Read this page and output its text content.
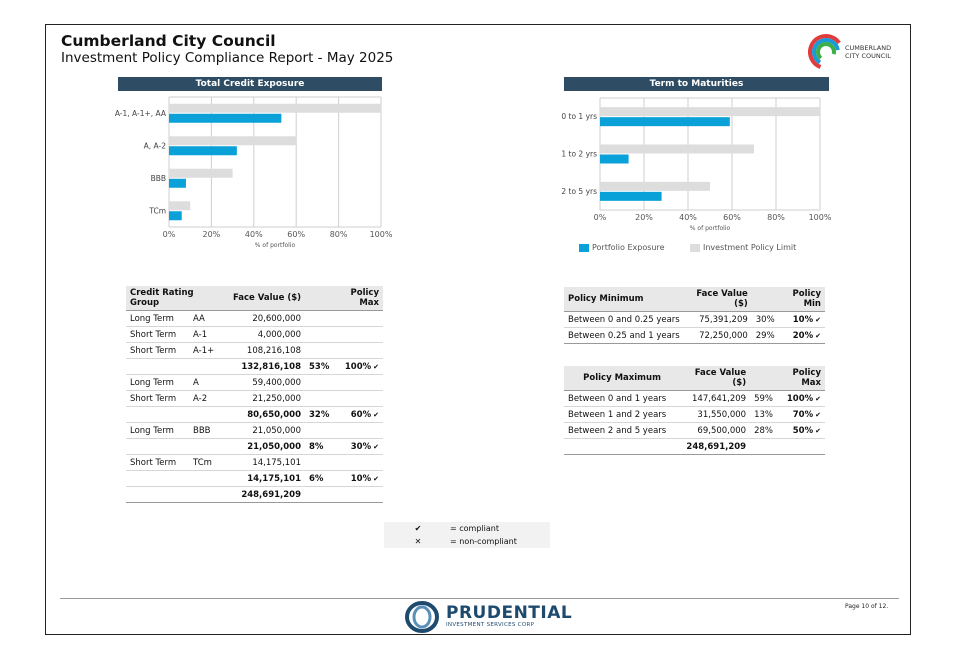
Cumberland City Council
Investment Policy Compliance Report - May 2025
CUMBERLAND
CITY COUNCIL
Total Credit Exposure	Term to Maturities
0%	20%	40%	60%	80%	100%
A-1, A-1+, AA
A, A-2
BBB
TCm
% of portfolio
0%	20%	40%	60%	80%	100%
0 to 1 yrs
1 to 2 yrs
2 to 5 yrs
% of portfolio
Portfolio Exposure	Investment Policy Limit
Credit Rating Group		Face Value ($)		Policy Max
Long Term	AA	20,600,000		
Short Term	A-1	4,000,000		
Short Term	A-1+	108,216,108		
		132,816,108	53%	100% ✔
Long Term	A	59,400,000		
Short Term	A-2	21,250,000		
		80,650,000	32%	60% ✔
Long Term	BBB	21,050,000		
		21,050,000	8%	30% ✔
Short Term	TCm	14,175,101		
		14,175,101	6%	10% ✔
		248,691,209		
Policy Minimum	Face Value ($)		Policy Min
Between 0 and 0.25 years	75,391,209	30%	10% ✔
Between 0.25 and 1 years	72,250,000	29%	20% ✔
Policy Maximum	Face Value ($)		Policy Max
Between 0 and 1 years	147,641,209	59%	100% ✔
Between 1 and 2 years	31,550,000	13%	70% ✔
Between 2 and 5 years	69,500,000	28%	50% ✔
	248,691,209		
✔	= compliant
✕	= non-compliant
PRUDENTIAL
INVESTMENT SERVICES CORP
Page 10 of 12.
